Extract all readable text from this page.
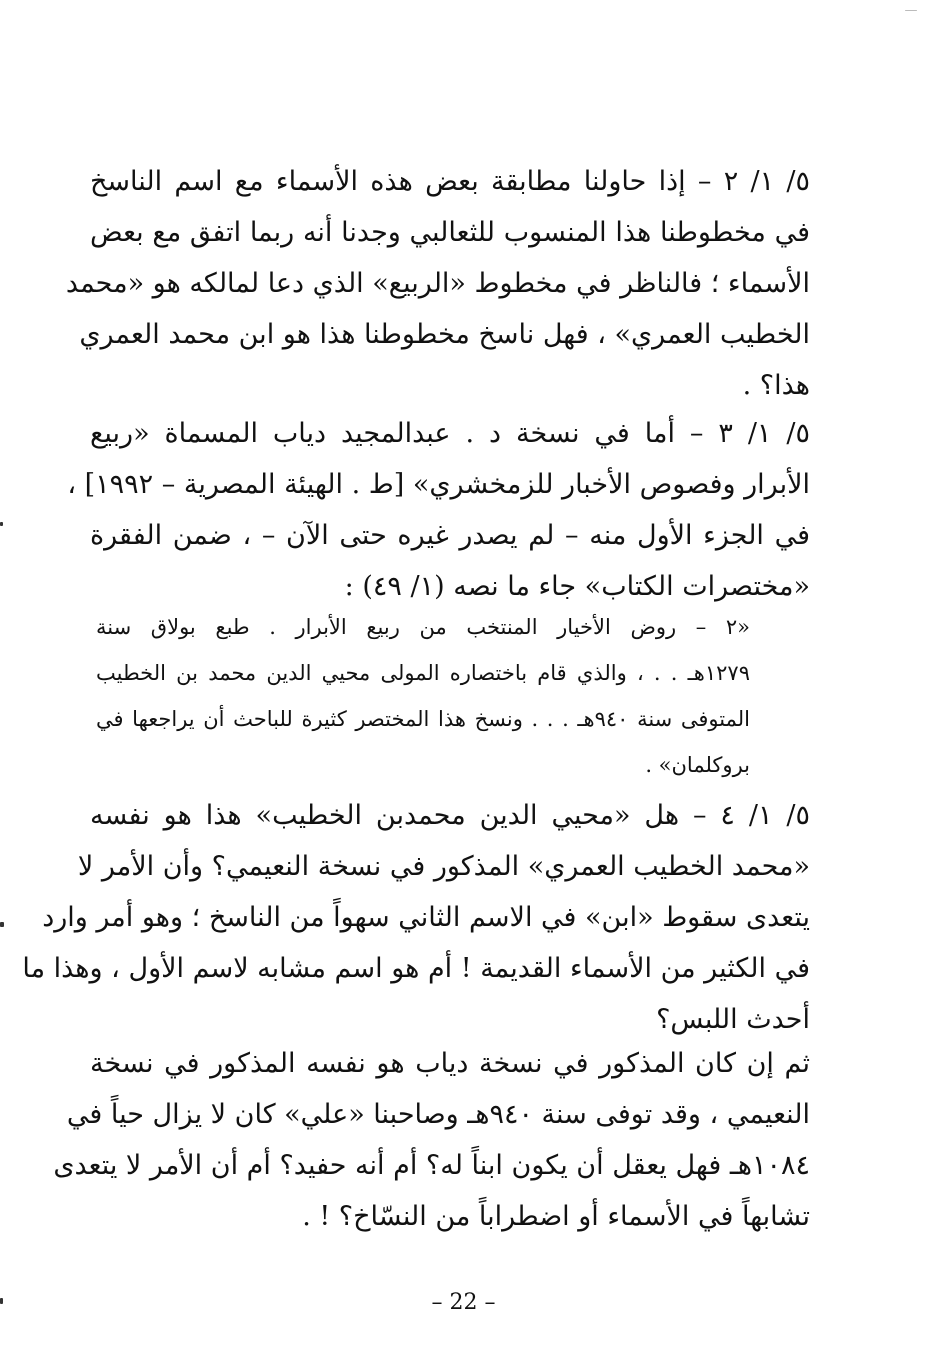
٥/ ١/ ٢ – إذا حاولنا مطابقة بعض هذه الأسماء مع اسم الناسخ
في مخطوطنا هذا المنسوب للثعالبي وجدنا أنه ربما اتفق مع بعض
الأسماء ؛ فالناظر في مخطوط «الربيع» الذي دعا لمالكه هو «محمد
الخطيب العمري» ، فهل ناسخ مخطوطنا هذا هو ابن محمد العمري
هذا؟ .
٥/ ١/ ٣ – أما في نسخة د . عبدالمجيد دياب المسماة «ربيع
الأبرار وفصوص الأخبار للزمخشري» [ط . الهيئة المصرية – ١٩٩٢] ،
في الجزء الأول منه – لم يصدر غيره حتى الآن – ، ضمن الفقرة
«مختصرات الكتاب» جاء ما نصه (١/ ٤٩) :
«٢ – روض الأخيار المنتخب من ربيع الأبرار . طبع بولاق سنة
١٢٧٩هـ . . ، والذي قام باختصاره المولى محيي الدين محمد بن الخطيب
المتوفى سنة ٩٤٠هـ . . . ونسخ هذا المختصر كثيرة للباحث أن يراجعها في
بروكلمان» .
٥/ ١/ ٤ – هل «محيي الدين محمدبن الخطيب» هذا هو نفسه
«محمد الخطيب العمري» المذكور في نسخة النعيمي؟ وأن الأمر لا
يتعدى سقوط «ابن» في الاسم الثاني سهواً من الناسخ ؛ وهو أمر وارد
في الكثير من الأسماء القديمة ! أم هو اسم مشابه لاسم الأول ، وهذا ما
أحدث اللبس؟
ثم إن كان المذكور في نسخة دياب هو نفسه المذكور في نسخة
النعيمي ، وقد توفى سنة ٩٤٠هـ وصاحبنا «علي» كان لا يزال حياً في
١٠٨٤هـ فهل يعقل أن يكون ابناً له؟ أم أنه حفيد؟ أم أن الأمر لا يتعدى
تشابهاً في الأسماء أو اضطراباً من النسّاخ؟ ! .
– 22 –
